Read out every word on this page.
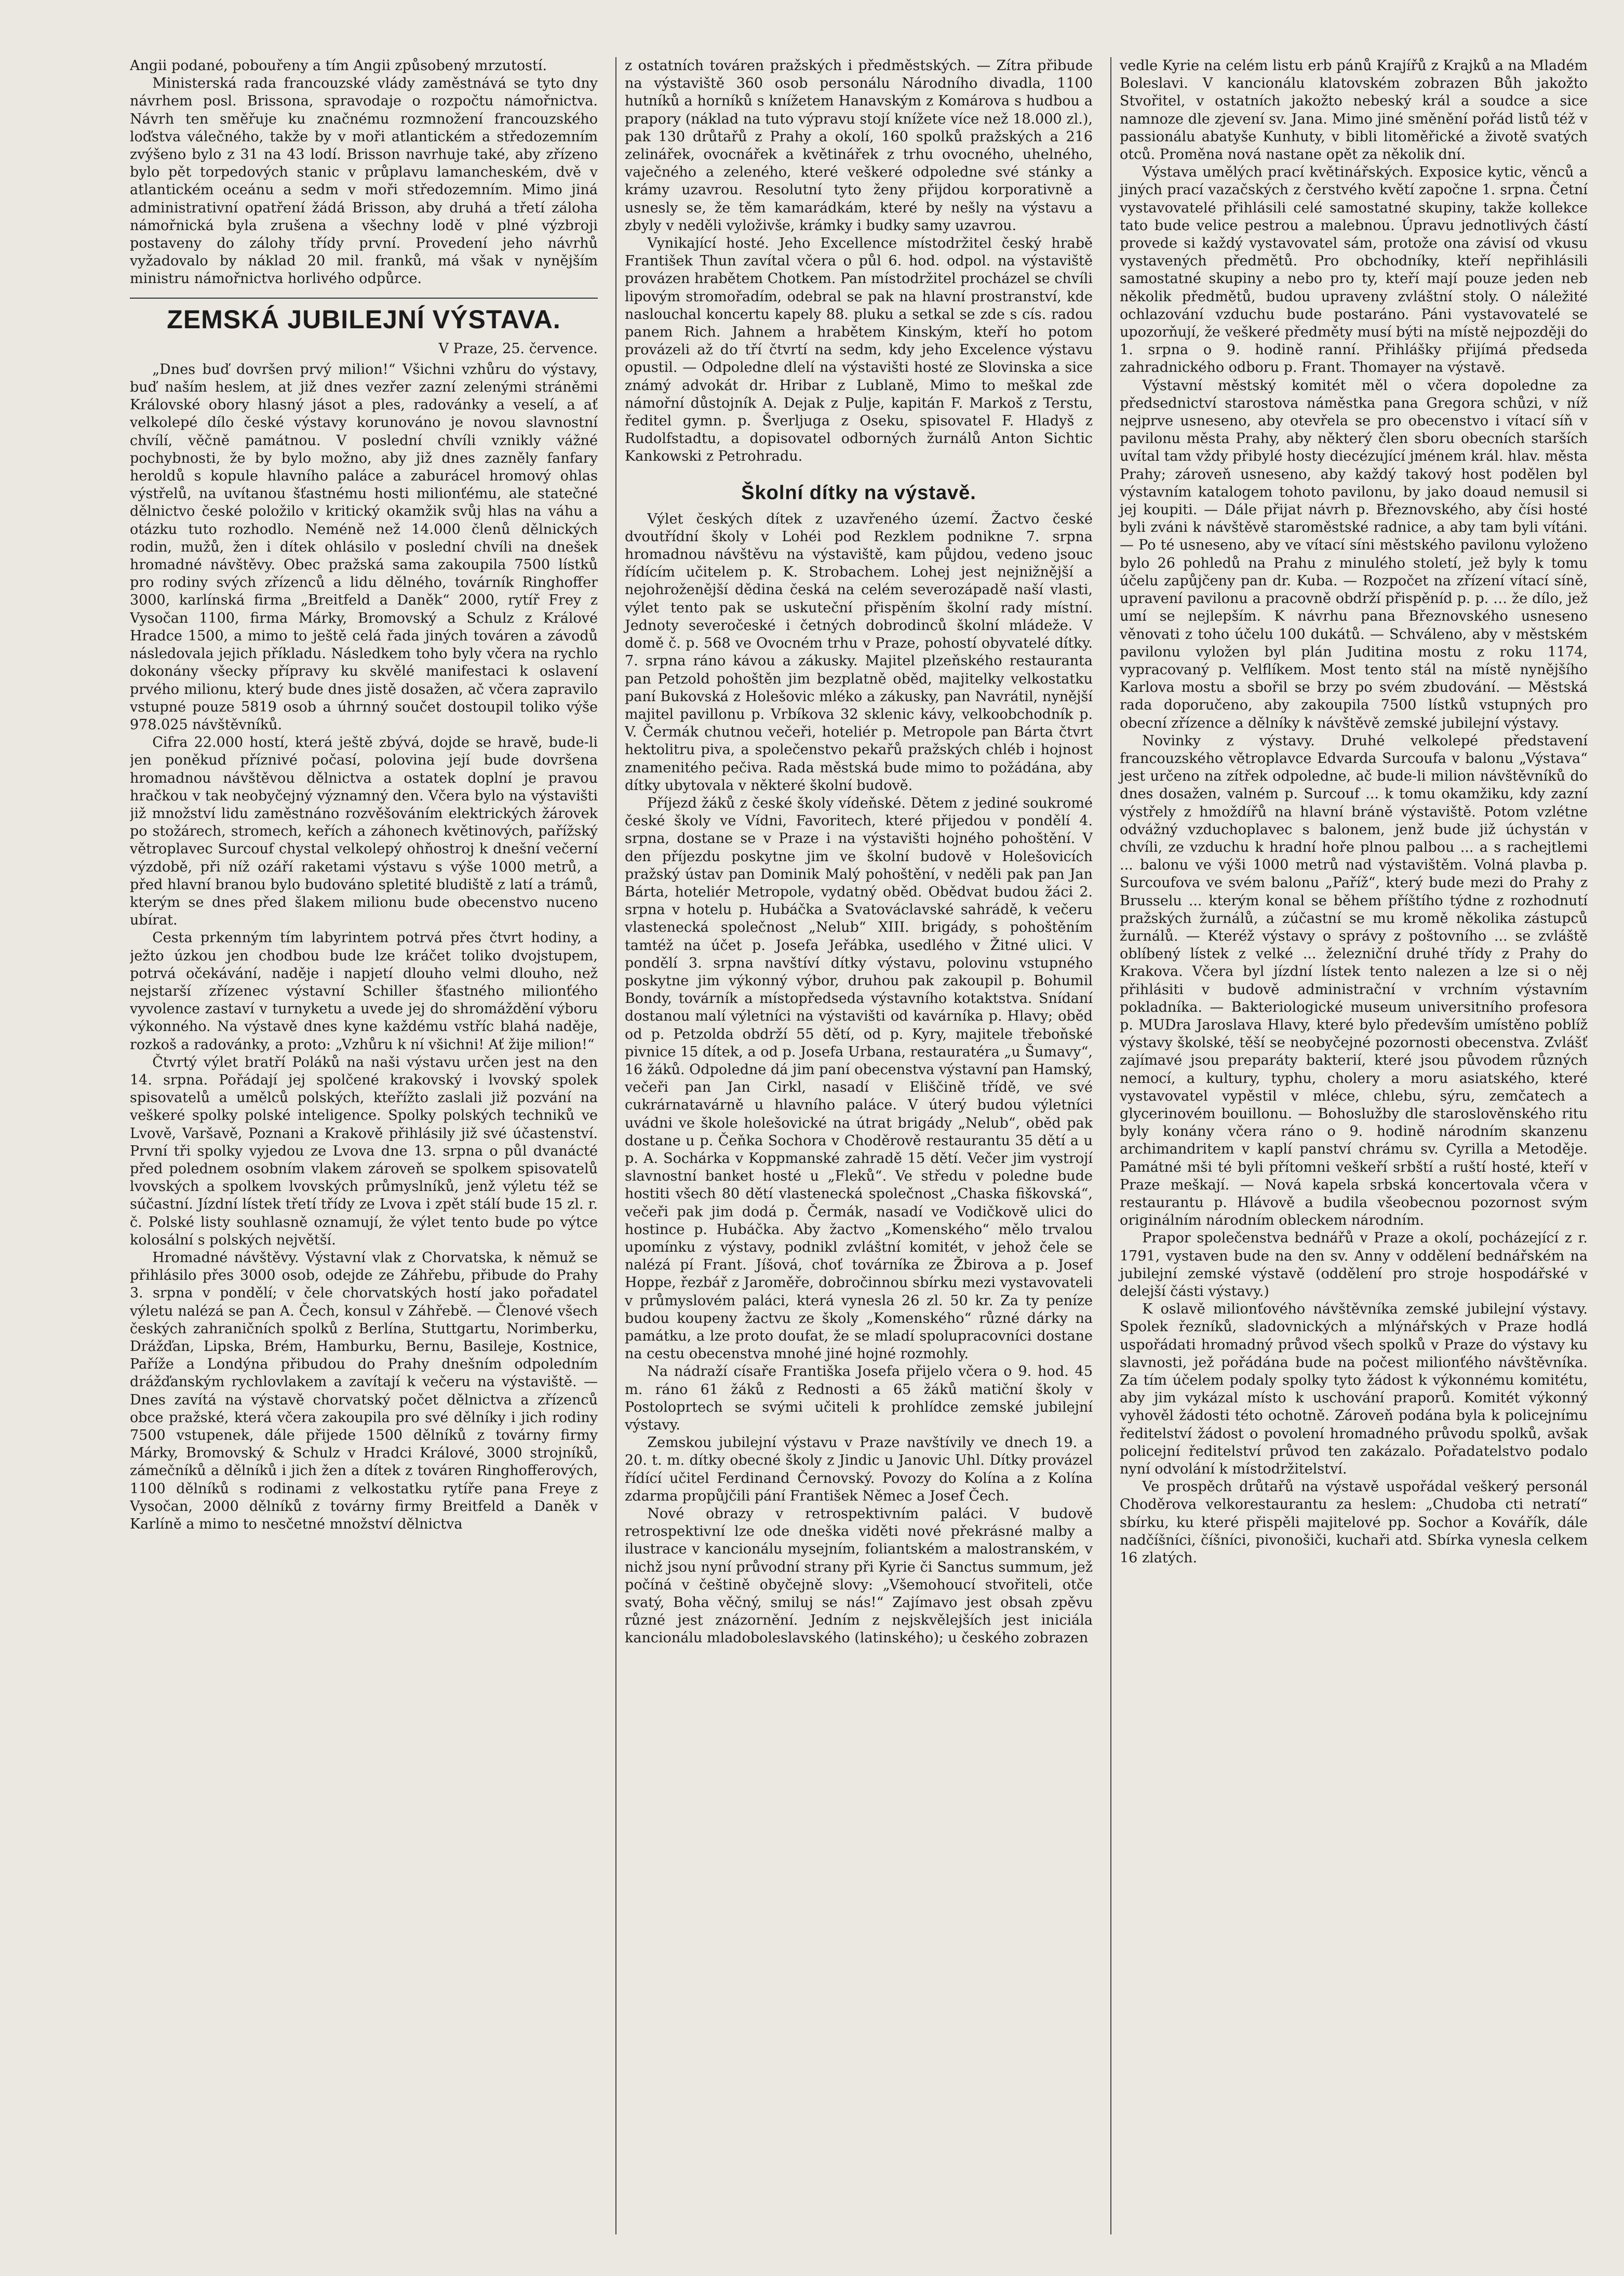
Angii podané, pobouřeny a tím Angii způsobený mrzutostí.

Ministerská rada francouzské vlády zaměstnává se tyto dny návrhem posl. Brissona, spravodaje o rozpočtu námořnictva. Návrh ten směřuje ku značnému rozmnožení francouzského loďstva válečného, takže by v moři atlantickém a středozemním zvýšeno bylo z 31 na 43 lodí. Brisson navrhuje také, aby zřízeno bylo pět torpedových stanic v průplavu lamancheském, dvě v atlantickém oceánu a sedm v moři středozemním. Mimo jiná administrativní opatření žádá Brisson, aby druhá a třetí záloha námořnická byla zrušena a všechny lodě v plné výzbroji postaveny do zálohy třídy první. Provedení jeho návrhů vyžadovalo by náklad 20 mil. franků, má však v nynějším ministru námořnictva horlivého odpůrce.

ZEMSKÁ JUBILEJNÍ VÝSTAVA.

V Praze, 25. července.

„Dnes buď dovršen prvý milion!“ Všichni vzhůru do výstavy, buď naším heslem, at již dnes vezřer zazní zelenými stráněmi Královské obory hlasný jásot a ples, radovánky a veselí, a ať velkolepé dílo české výstavy korunováno je novou slavnostní chvílí, věčně památnou. V poslední chvíli vznikly vážné pochybnosti, že by bylo možno, aby již dnes zazněly fanfary heroldů s kopule hlavního paláce a zaburácel hromový ohlas výstřelů, na uvítanou šťastnému hosti milionťému, ale statečné dělnictvo české položilo v kritický okamžik svůj hlas na váhu a otázku tuto rozhodlo. Neméně než 14.000 členů dělnických rodin, mužů, žen i dítek ohlásilo v poslední chvíli na dnešek hromadné návštěvy. Obec pražská sama zakoupila 7500 lístků pro rodiny svých zřízenců a lidu dělného, továrník Ringhoffer 3000, karlínská firma „Breitfeld a Daněk“ 2000, rytíř Frey z Vysočan 1100, firma Márky, Bromovský a Schulz z Králové Hradce 1500, a mimo to ještě celá řada jiných továren a závodů následovala jejich příkladu. Následkem toho byly včera na rychlo dokonány všecky přípravy ku skvělé manifestaci k oslavení prvého milionu, který bude dnes jistě dosažen, ač včera zapravilo vstupné pouze 5819 osob a úhrnný součet dostoupil toliko výše 978.025 návštěvníků.

Cifra 22.000 hostí, která ještě zbývá, dojde se hravě, bude-li jen poněkud příznivé počasí, polovina její bude dovršena hromadnou návštěvou dělnictva a ostatek doplní je pravou hračkou v tak neobyčejný významný den. Včera bylo na výstavišti již množství lidu zaměstnáno rozvěšováním elektrických žárovek po stožárech, stromech, keřích a záhonech květinových, pařížský větroplavec Surcouf chystal velkolepý ohňostroj k dnešní večerní výzdobě, při níž ozáří raketami výstavu s výše 1000 metrů, a před hlavní branou bylo budováno spletité bludiště z latí a trámů, kterým se dnes před šlakem milionu bude obecenstvo nuceno ubírat.

Cesta prkenným tím labyrintem potrvá přes čtvrt hodiny, a ježto úzkou jen chodbou bude lze kráčet toliko dvojstupem, potrvá očekávání, naděje i napjetí dlouho velmi dlouho, než nejstarší zřízenec výstavní Schiller šťastného milionťého vyvolence zastaví v turnyketu a uvede jej do shromáždění výboru výkonného. Na výstavě dnes kyne každému vstříc blahá naděje, rozkoš a radovánky, a proto: „Vzhůru k ní všichni! Ať žije milion!“

Čtvrtý výlet bratří Poláků na naši výstavu určen jest na den 14. srpna. Pořádají jej spolčené krakovský i lvovský spolek spisovatelů a umělců polských, kteřížto zaslali již pozvání na veškeré spolky polské inteligence. Spolky polských techniků ve Lvově, Varšavě, Poznani a Krakově přihlásily již své účastenství. První tři spolky vyjedou ze Lvova dne 13. srpna o půl dvanácté před polednem osobním vlakem zároveň se spolkem spisovatelů lvovských a spolkem lvovských průmyslníků, jenž výletu též se súčastní. Jízdní lístek třetí třídy ze Lvova i zpět stálí bude 15 zl. r. č. Polské listy souhlasně oznamují, že výlet tento bude po výtce kolosální s polských největší.

Hromadné návštěvy. Výstavní vlak z Chorvatska, k němuž se přihlásilo přes 3000 osob, odejde ze Záhřebu, přibude do Prahy 3. srpna v pondělí; v čele chorvatských hostí jako pořadatel výletu nalézá se pan A. Čech, konsul v Záhřebě. — Členové všech českých zahraničních spolků z Berlína, Stuttgartu, Norimberku, Drážďan, Lipska, Brém, Hamburku, Bernu, Basileje, Kostnice, Paříže a Londýna přibudou do Prahy dnešním odpoledním drážďanským rychlovlakem a zavítají k večeru na výstaviště. — Dnes zavítá na výstavě chorvatský počet dělnictva a zřízenců obce pražské, která včera zakoupila pro své dělníky i jich rodiny 7500 vstupenek, dále přijede 1500 dělníků z továrny firmy Márky, Bromovský & Schulz v Hradci Králové, 3000 strojníků, zámečníků a dělníků i jich žen a dítek z továren Ringhofferových, 1100 dělníků s rodinami z velkostatku rytíře pana Freye z Vysočan, 2000 dělníků z továrny firmy Breitfeld a Daněk v Karlíně a mimo to nesčetné množství dělnictva

z ostatních továren pražských i předměstských. — Zítra přibude na výstaviště 360 osob personálu Národního divadla, 1100 hutníků a horníků s knížetem Hanavským z Komárova s hudbou a prapory (náklad na tuto výpravu stojí knížete více než 18.000 zl.), pak 130 drůtařů z Prahy a okolí, 160 spolků pražských a 216 zelinářek, ovocnářek a květinářek z trhu ovocného, uhelného, vaječného a zeleného, které veškeré odpoledne své stánky a krámy uzavrou. Resolutní tyto ženy přijdou korporativně a usnesly se, že těm kamarádkám, které by nešly na výstavu a zbyly v neděli vyloživše, krámky i budky samy uzavrou.

Vynikající hosté. Jeho Excellence místodržitel český hrabě František Thun zavítal včera o půl 6. hod. odpol. na výstaviště provázen hrabětem Chotkem. Pan místodržitel procházel se chvíli lipovým stromořadím, odebral se pak na hlavní prostranství, kde naslouchal koncertu kapely 88. pluku a setkal se zde s cís. radou panem Rich. Jahnem a hrabětem Kinským, kteří ho potom provázeli až do tří čtvrtí na sedm, kdy jeho Excelence výstavu opustil. — Odpoledne dlelí na výstavišti hosté ze Slovinska a sice známý advokát dr. Hribar z Lublaně, Mimo to meškal zde námořní důstojník A. Dejak z Pulje, kapitán F. Markoš z Terstu, ředitel gymn. p. Šverljuga z Oseku, spisovatel F. Hladyš z Rudolfstadtu, a dopisovatel odborných žurnálů Anton Sichtic Kankowski z Petrohradu.

Školní dítky na výstavě.

Výlet českých dítek z uzavřeného území. Žactvo české dvoutřídní školy v Lohéi pod Rezklem podnikne 7. srpna hromadnou návštěvu na výstaviště, kam půjdou, vedeno jsouc řídícím učitelem p. K. Strobachem. Lohej jest nejnižnější a nejohroženější dědina česká na celém severozápadě naší vlasti, výlet tento pak se uskuteční přispěním školní rady místní. Jednoty severočeské i četných dobrodinců školní mládeže. V domě č. p. 568 ve Ovocném trhu v Praze, pohostí obyvatelé dítky. 7. srpna ráno kávou a zákusky. Majitel plzeňského restauranta pan Petzold pohoštěn jim bezplatně oběd, majitelky velkostatku paní Bukovská z Holešovic mléko a zákusky, pan Navrátil, nynější majitel pavillonu p. Vrbíkova 32 sklenic kávy, velkoobchodník p. V. Čermák chutnou večeři, hoteliér p. Metropole pan Bárta čtvrt hektolitru piva, a společenstvo pekařů pražských chléb i hojnost znamenitého pečiva. Rada městská bude mimo to požádána, aby dítky ubytovala v některé školní budově.

Příjezd žáků z české školy vídeňské. Dětem z jediné soukromé české školy ve Vídni, Favoritech, které přijedou v pondělí 4. srpna, dostane se v Praze i na výstavišti hojného pohoštění. V den příjezdu poskytne jim ve školní budově v Holešovicích pražský ústav pan Dominik Malý pohoštění, v neděli pak pan Jan Bárta, hoteliér Metropole, vydatný oběd. Obědvat budou žáci 2. srpna v hotelu p. Hubáčka a Svatováclavské sahrádě, k večeru vlastenecká společnost „Nelub“ XIII. brigády, s pohoštěním tamtéž na účet p. Josefa Jeřábka, usedlého v Žitné ulici. V pondělí 3. srpna navštíví dítky výstavu, polovinu vstupného poskytne jim výkonný výbor, druhou pak zakoupil p. Bohumil Bondy, továrník a místopředseda výstavního kotaktstva. Snídaní dostanou malí výletníci na výstavišti od kavárníka p. Hlavy; oběd od p. Petzolda obdrží 55 dětí, od p. Kyry, majitele třeboňské pivnice 15 dítek, a od p. Josefa Urbana, restauratéra „u Šumavy“, 16 žáků. Odpoledne dá jim paní obecenstva výstavní pan Hamský, večeři pan Jan Cirkl, nasadí v Eliščině třídě, ve své cukrárnatavárně u hlavního paláce. V úterý budou výletníci uvádni ve škole holešovické na útrat brigády „Nelub“, oběd pak dostane u p. Čeňka Sochora v Choděrově restaurantu 35 dětí a u p. A. Sochárka v Koppmanské zahradě 15 dětí. Večer jim vystrojí slavnostní banket hosté u „Fleků“. Ve středu v poledne bude hostiti všech 80 dětí vlastenecká společnost „Chaska fiškovská“, večeři pak jim dodá p. Čermák, nasadí ve Vodičkově ulici do hostince p. Hubáčka. Aby žactvo „Komenského“ mělo trvalou upomínku z výstavy, podnikl zvláštní komitét, v jehož čele se nalézá pí Frant. Jíšová, choť továrníka ze Žbirova a p. Josef Hoppe, řezbář z Jaroměře, dobročinnou sbírku mezi vystavovateli v průmyslovém paláci, která vynesla 26 zl. 50 kr. Za ty peníze budou koupeny žactvu ze školy „Komenského“ různé dárky na památku, a lze proto doufat, že se mladí spolupracovníci dostane na cestu obecenstva mnohé jiné hojné rozmohly.

Na nádraží císaře Františka Josefa přijelo včera o 9. hod. 45 m. ráno 61 žáků z Rednosti a 65 žáků matiční školy v Postoloprtech se svými učiteli k prohlídce zemské jubilejní výstavy.

Zemskou jubilejní výstavu v Praze navštívily ve dnech 19. a 20. t. m. dítky obecné školy z Jindic u Janovic Uhl. Dítky provázel řídící učitel Ferdinand Černovský. Povozy do Kolína a z Kolína zdarma propůjčili pání František Němec a Josef Čech.

Nové obrazy v retrospektivním paláci. V budově retrospektivní lze ode dneška viděti nové překrásné malby a ilustrace v kancionálu mysejním, foliantském a malostranském, v nichž jsou nyní průvodní strany při Kyrie či Sanctus summum, jež počíná v češtině obyčejně slovy: „Všemohoucí stvořiteli, otče svatý, Boha věčný, smiluj se nás!“ Zajímavo jest obsah zpěvu různé jest znázornění. Jedním z nejskvělejších jest iniciála kancionálu mladoboleslavského (latinského); u českého zobrazen

vedle Kyrie na celém listu erb pánů Krajířů z Krajků a na Mladém Boleslavi. V kancionálu klatovském zobrazen Bůh jakožto Stvořitel, v ostatních jakožto nebeský král a soudce a sice namnoze dle zjevení sv. Jana. Mimo jiné směnění pořád listů též v passionálu abatyše Kunhuty, v bibli litoměřické a životě svatých otců. Proměna nová nastane opět za několik dní.

Výstava umělých prací květinářských. Exposice kytic, věnců a jiných prací vazačských z čerstvého květí započne 1. srpna. Četní vystavovatelé přihlásili celé samostatné skupiny, takže kollekce tato bude velice pestrou a malebnou. Úpravu jednotlivých částí provede si každý vystavovatel sám, protože ona závisí od vkusu vystavených předmětů. Pro obchodníky, kteří nepřihlásili samostatné skupiny a nebo pro ty, kteří mají pouze jeden neb několik předmětů, budou upraveny zvláštní stoly. O náležité ochlazování vzduchu bude postaráno. Páni vystavovatelé se upozorňují, že veškeré předměty musí býti na místě nejpozději do 1. srpna o 9. hodině ranní. Přihlášky přijímá předseda zahradnického odboru p. Frant. Thomayer na výstavě.

Výstavní městský komitét měl o včera dopoledne za předsednictví starostova náměstka pana Gregora schůzi, v níž nejprve usneseno, aby otevřela se pro obecenstvo i vítací síň v pavilonu města Prahy, aby některý člen sboru obecních starších uvítal tam vždy přibylé hosty diecézující jménem král. hlav. města Prahy; zároveň usneseno, aby každý takový host podělen byl výstavním katalogem tohoto pavilonu, by jako doaud nemusil si jej koupiti. — Dále přijat návrh p. Březnovského, aby čísi hosté byli zváni k návštěvě staroměstské radnice, a aby tam byli vítáni. — Po té usneseno, aby ve vítací síni městského pavilonu vyloženo bylo 26 pohledů na Prahu z minulého století, jež byly k tomu účelu zapůjčeny pan dr. Kuba. — Rozpočet na zřízení vítací síně, upravení pavilonu a pracovně obdrží přispěníd p. p. … že dílo, jež umí se nejlepším. K návrhu pana Březnovského usneseno věnovati z toho účelu 100 dukátů. — Schváleno, aby v městském pavilonu vyložen byl plán Juditina mostu z roku 1174, vypracovaný p. Velflíkem. Most tento stál na místě nynějšího Karlova mostu a sbořil se brzy po svém zbudování. — Městská rada doporučeno, aby zakoupila 7500 lístků vstupných pro obecní zřízence a dělníky k návštěvě zemské jubilejní výstavy.

Novinky z výstavy. Druhé velkolepé představení francouzského větroplavce Edvarda Surcoufa v balonu „Výstava“ jest určeno na zítřek odpoledne, ač bude-li milion návštěvníků do dnes dosažen, valném p. Surcouf ... k tomu okamžiku, kdy zazní výstřely z hmoždířů na hlavní bráně výstaviště. Potom vzlétne odvážný vzduchoplavec s balonem, jenž bude již úchystán v chvíli, ze vzduchu k hradní hoře plnou palbou ... a s rachejtlemi ... balonu ve výši 1000 metrů nad výstavištěm. Volná plavba p. Surcoufova ve svém balonu „Paříž“, který bude mezi do Prahy z Brusselu ... kterým konal se během příštího týdne z rozhodnutí pražských žurnálů, a zúčastní se mu kromě několika zástupců žurnálů. — Kteréž výstavy o správy z poštovního ... se zvláště oblíbený lístek z velké ... železniční druhé třídy z Prahy do Krakova. Včera byl jízdní lístek tento nalezen a lze si o něj přihlásiti v budově administrační v vrchním výstavním pokladníka. — Bakteriologické museum universitního profesora p. MUDra Jaroslava Hlavy, které bylo především umístěno poblíž výstavy školské, těší se neobyčejné pozornosti obecenstva. Zvlášť zajímavé jsou preparáty bakterií, které jsou původem různých nemocí, a kultury, typhu, cholery a moru asiatského, které vystavovatel vypěstil v mléce, chlebu, sýru, zemčatech a glycerinovém bouillonu. — Bohoslužby dle staroslověnského ritu byly konány včera ráno o 9. hodině národním skanzenu archimandritem v kaplí panství chrámu sv. Cyrilla a Metoděje. Památné mši té byli přítomni veškeří srbští a ruští hosté, kteří v Praze meškají. — Nová kapela srbská koncertovala včera v restaurantu p. Hlávově a budila všeobecnou pozornost svým originálním národním obleckem národním.

Prapor společenstva bednářů v Praze a okolí, pocházející z r. 1791, vystaven bude na den sv. Anny v oddělení bednářském na jubilejní zemské výstavě (oddělení pro stroje hospodářské v delejší části výstavy.)

K oslavě milionťového návštěvníka zemské jubilejní výstavy. Spolek řezníků, sladovnických a mlýnářských v Praze hodlá uspořádati hromadný průvod všech spolků v Praze do výstavy ku slavnosti, jež pořádána bude na počest milionťého návštěvníka. Za tím účelem podaly spolky tyto žádost k výkonnému komitétu, aby jim vykázal místo k uschování praporů. Komitét výkonný vyhověl žádosti této ochotně. Zároveň podána byla k policejnímu ředitelství žádost o povolení hromadného průvodu spolků, avšak policejní ředitelství průvod ten zakázalo. Pořadatelstvo podalo nyní odvolání k místodržitelství.

Ve prospěch drůtařů na výstavě uspořádal veškerý personál Choděrova velkorestaurantu za heslem: „Chudoba cti netratí“ sbírku, ku které přispěli majitelové pp. Sochor a Kovářík, dále nadčíšníci, číšníci, pivonošiči, kuchaři atd. Sbírka vynesla celkem 16 zlatých.
